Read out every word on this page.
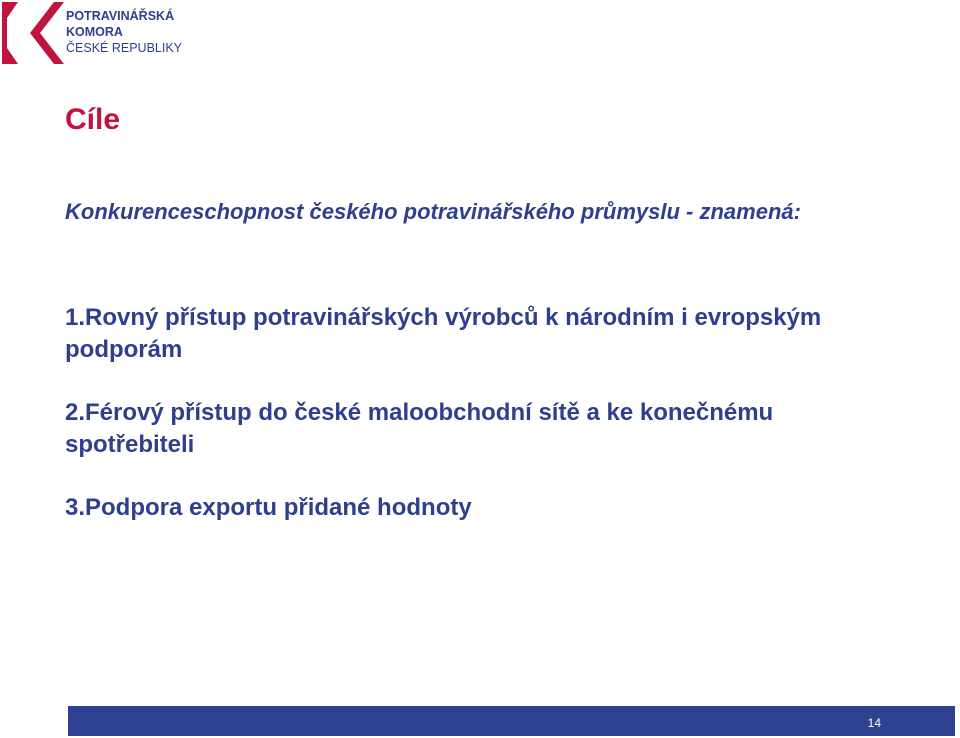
POTRAVINÁŘSKÁ
KOMORA
ČESKÉ REPUBLIKY
Cíle

Konkurenceschopnost českého potravinářského průmyslu - znamená:

1.Rovný přístup potravinářských výrobců k národním i evropským podporám
2.Férový přístup do české maloobchodní sítě a ke konečnému spotřebiteli
3.Podpora exportu přidané hodnoty
14
